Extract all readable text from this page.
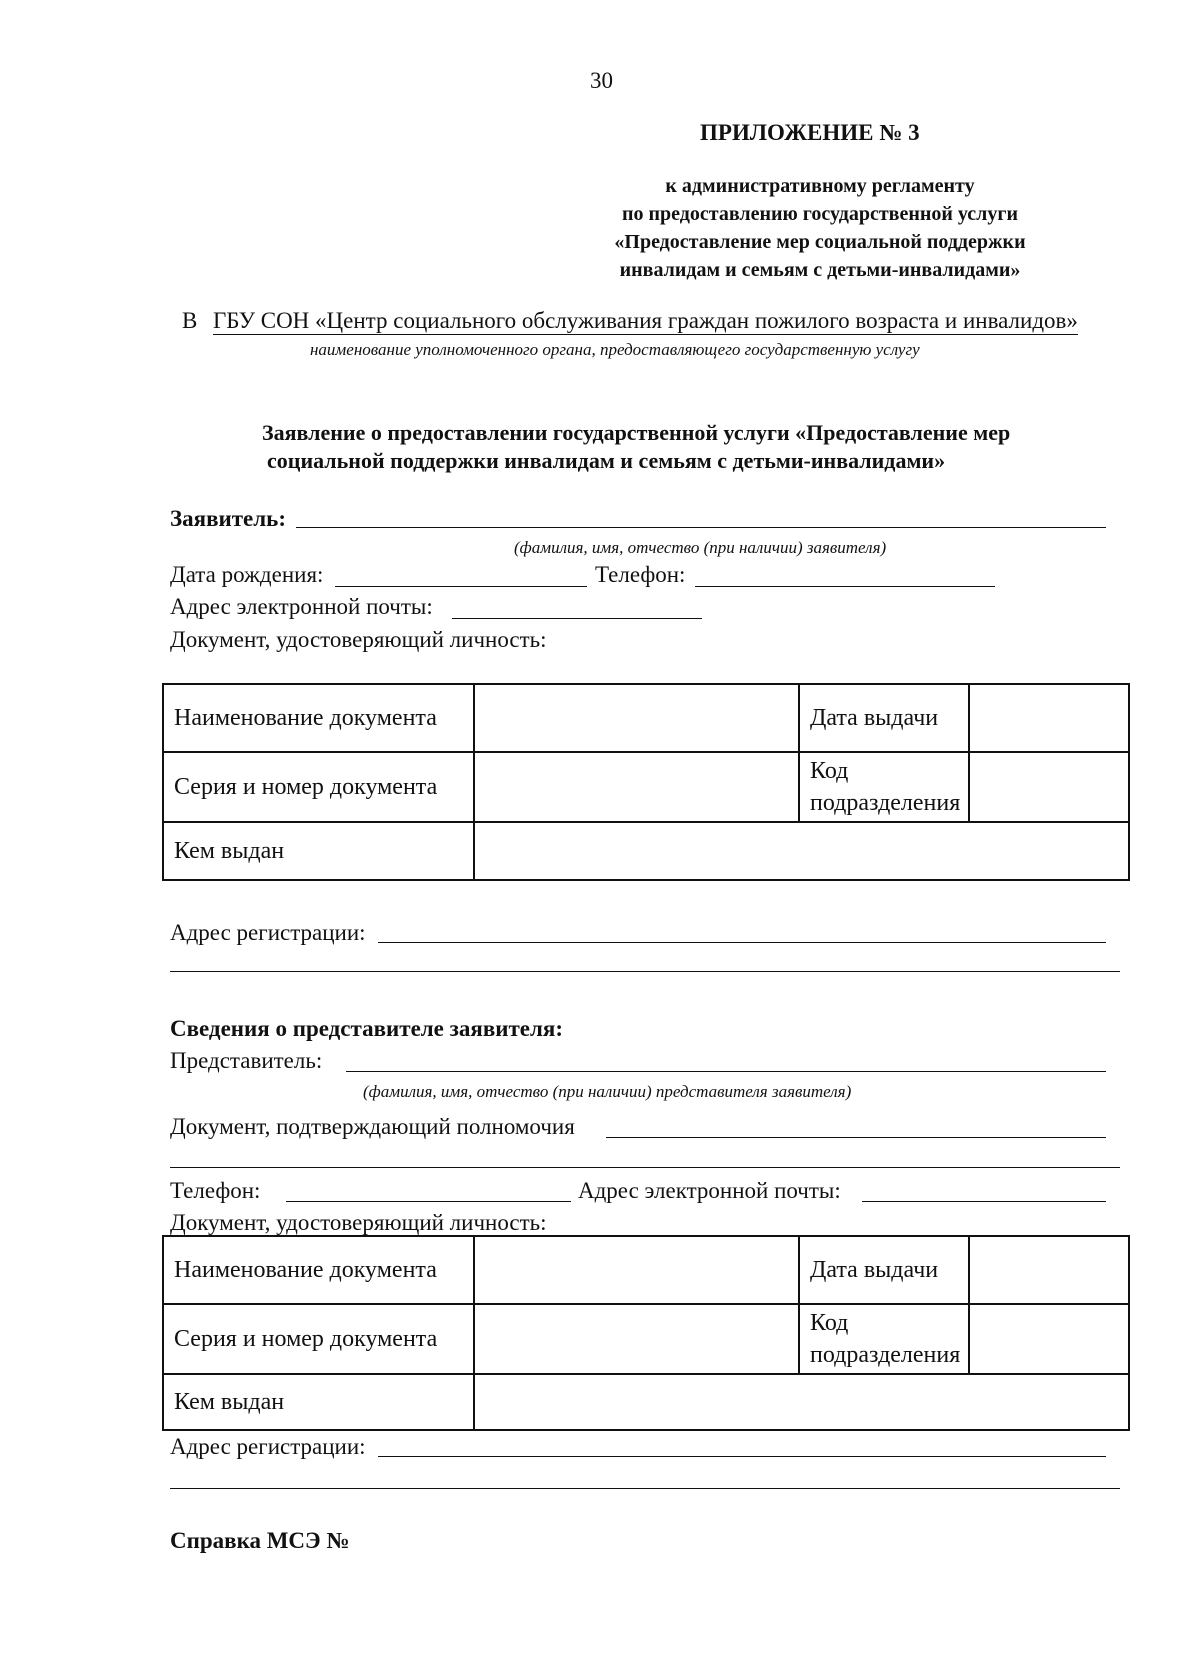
30
ПРИЛОЖЕНИЕ № 3
к административному регламенту
по предоставлению государственной услуги
«Предоставление мер социальной поддержки
инвалидам и семьям с детьми-инвалидами»
В ГБУ СОН «Центр социального обслуживания граждан пожилого возраста и инвалидов»
наименование уполномоченного органа, предоставляющего государственную услугу
Заявление о предоставлении государственной услуги «Предоставление мер
социальной поддержки инвалидам и семьям с детьми-инвалидами»
Заявитель:
(фамилия, имя, отчество (при наличии) заявителя)
Дата рождения:	Телефон:
Адрес электронной почты:
Документ, удостоверяющий личность:
Наименование документа		Дата выдачи	
Серия и номер документа		Код подразделения	
Кем выдан			
Адрес регистрации:
Сведения о представителе заявителя:
Представитель:
(фамилия, имя, отчество (при наличии) представителя заявителя)
Документ, подтверждающий полномочия
Телефон:	Адрес электронной почты:
Документ, удостоверяющий личность:
Наименование документа		Дата выдачи	
Серия и номер документа		Код подразделения	
Кем выдан			
Адрес регистрации:
Справка МСЭ №
